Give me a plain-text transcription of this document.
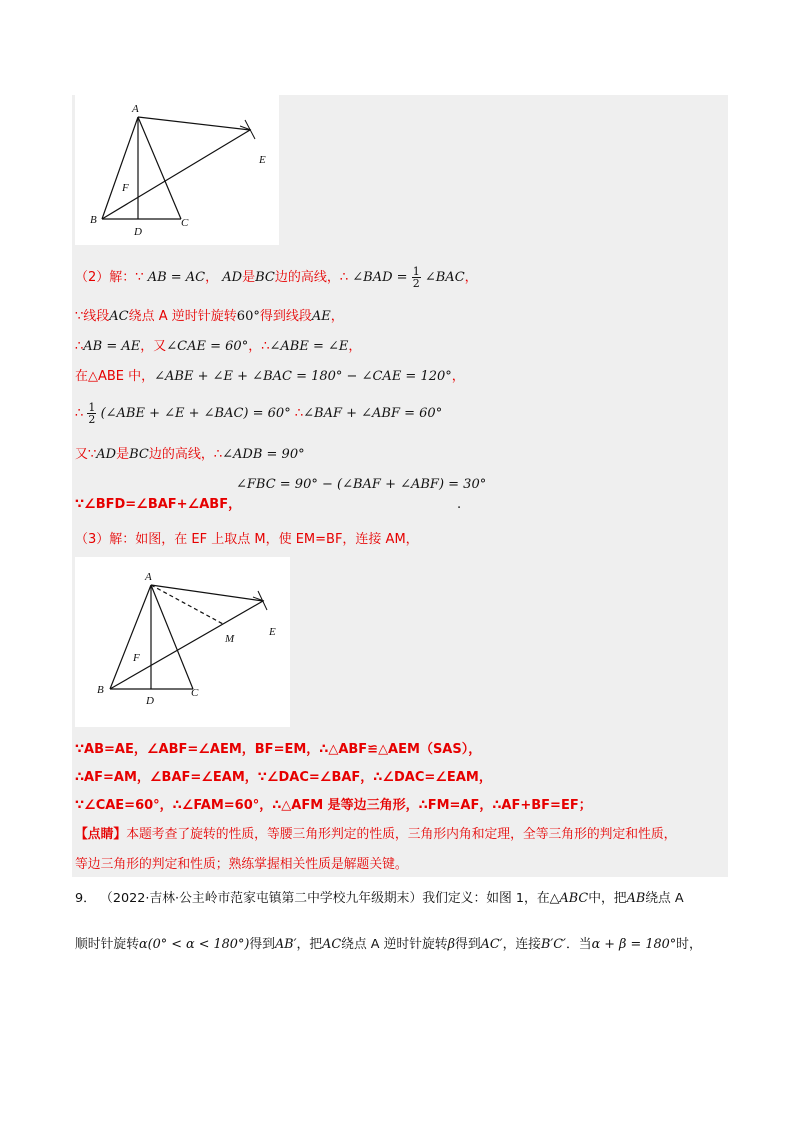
A
B	C
D
E
F
（2）解：∵ AB = AC， AD是BC边的高线，∴ ∠BAD = $\frac{1}{2}$ ∠BAC，
∵线段AC绕点 A 逆时针旋转60°得到线段AE，
∴AB = AE，又∠CAE = 60°，∴∠ABE = ∠E，
在△ABE 中，∠ABE + ∠E + ∠BAC = 180° − ∠CAE = 120°，
∴ $\frac{1}{2}$ (∠ABE + ∠E + ∠BAC) = 60° ∴∠BAF + ∠ABF = 60°
又∵AD是BC边的高线，∴∠ADB = 90°
∠FBC = 90° − (∠BAF + ∠ABF) = 30°
∵∠BFD=∠BAF+∠ABF，	.
（3）解：如图，在 EF 上取点 M，使 EM=BF，连接 AM，
A
B	C
D
E
F
M
∵AB=AE，∠ABF=∠AEM，BF=EM，∴△ABF≌△AEM（SAS），
∴AF=AM，∠BAF=∠EAM，∵∠DAC=∠BAF，∴∠DAC=∠EAM，
∵∠CAE=60°，∴∠FAM=60°，∴△AFM 是等边三角形，∴FM=AF，∴AF+BF=EF；
【点睛】本题考查了旋转的性质，等腰三角形判定的性质，三角形内角和定理，全等三角形的判定和性质，
等边三角形的判定和性质；熟练掌握相关性质是解题关键。
9． （2022·吉林·公主岭市范家屯镇第二中学校九年级期末）我们定义：如图 1，在△ABC中，把AB绕点 A
顺时针旋转α(0° < α < 180°)得到AB′，把AC绕点 A 逆时针旋转β得到AC′，连接B′C′．当α + β = 180°时，
